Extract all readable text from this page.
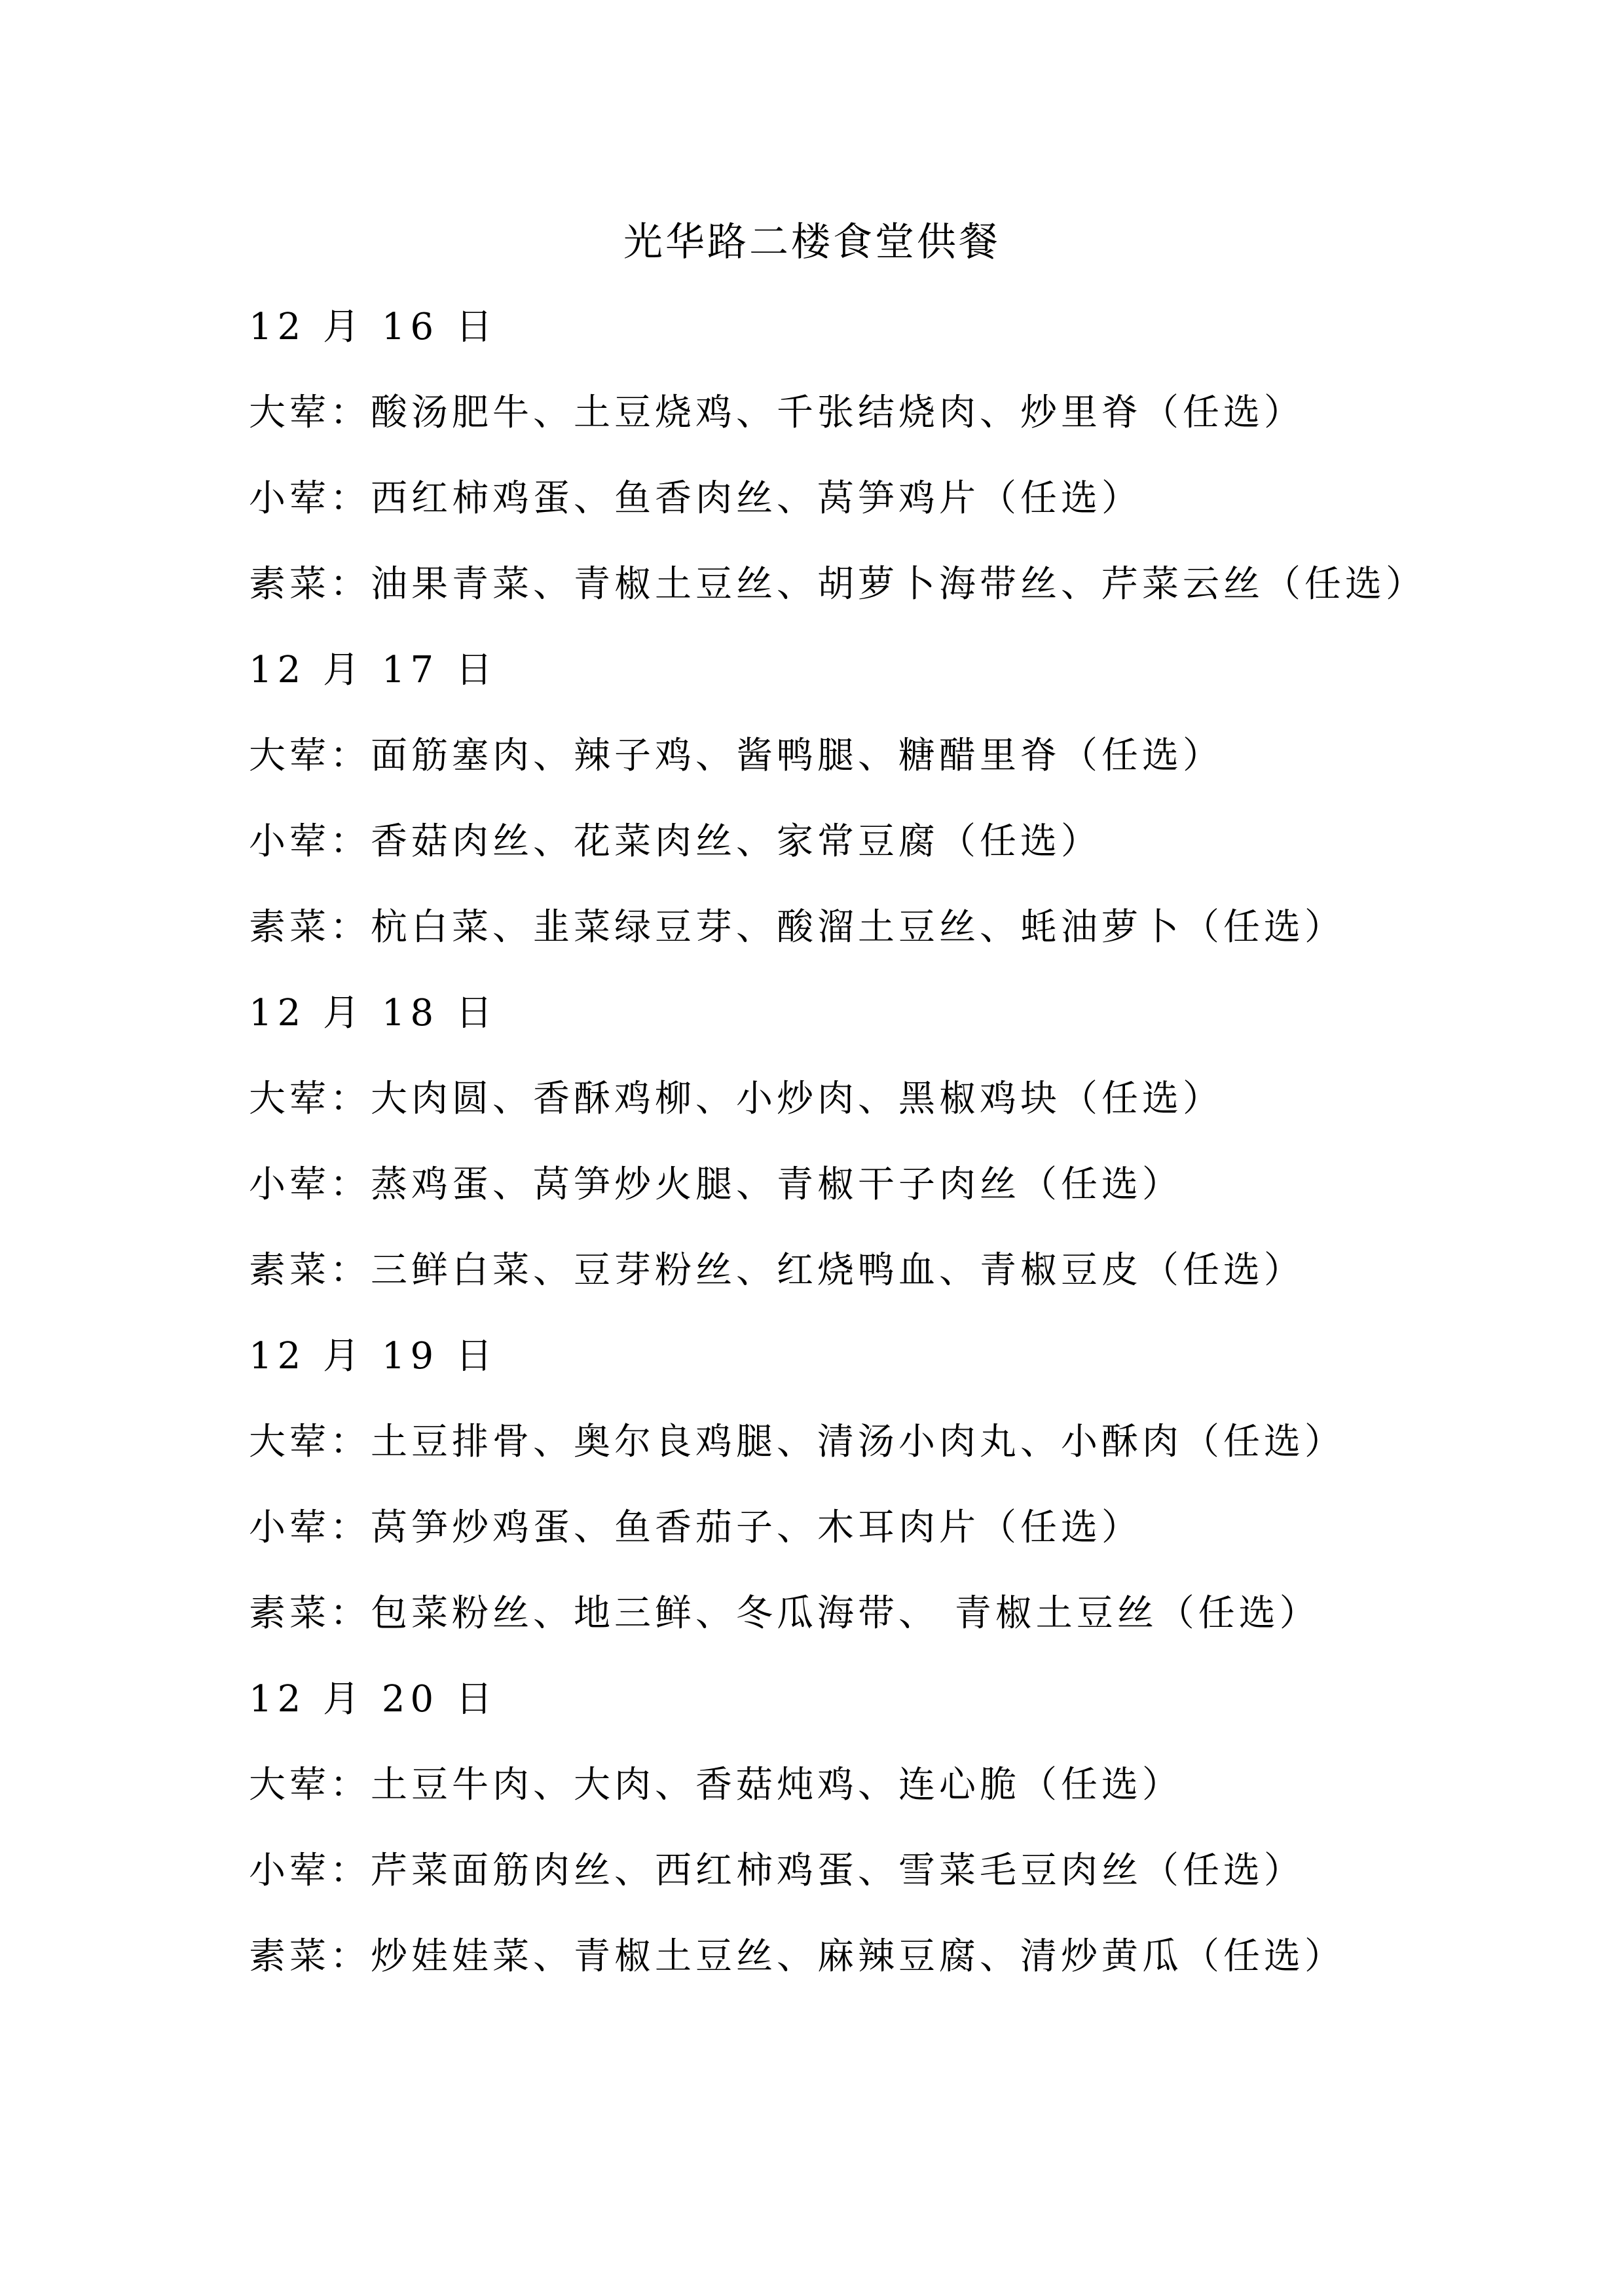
光华路二楼食堂供餐
12 月 16 日
大荤：酸汤肥牛、土豆烧鸡、千张结烧肉、炒里脊（任选）
小荤：西红柿鸡蛋、鱼香肉丝、莴笋鸡片（任选）
素菜：油果青菜、青椒土豆丝、胡萝卜海带丝、芹菜云丝（任选）
12 月 17 日
大荤：面筋塞肉、辣子鸡、酱鸭腿、糖醋里脊（任选）
小荤：香菇肉丝、花菜肉丝、家常豆腐（任选）
素菜：杭白菜、韭菜绿豆芽、酸溜土豆丝、蚝油萝卜（任选）
12 月 18 日
大荤：大肉圆、香酥鸡柳、小炒肉、黑椒鸡块（任选）
小荤：蒸鸡蛋、莴笋炒火腿、青椒干子肉丝（任选）
素菜：三鲜白菜、豆芽粉丝、红烧鸭血、青椒豆皮（任选）
12 月 19 日
大荤：土豆排骨、奥尔良鸡腿、清汤小肉丸、小酥肉（任选）
小荤：莴笋炒鸡蛋、鱼香茄子、木耳肉片（任选）
素菜：包菜粉丝、地三鲜、冬瓜海带、 青椒土豆丝（任选）
12 月 20 日
大荤：土豆牛肉、大肉、香菇炖鸡、连心脆（任选）
小荤：芹菜面筋肉丝、西红柿鸡蛋、雪菜毛豆肉丝（任选）
素菜：炒娃娃菜、青椒土豆丝、麻辣豆腐、清炒黄瓜（任选）
